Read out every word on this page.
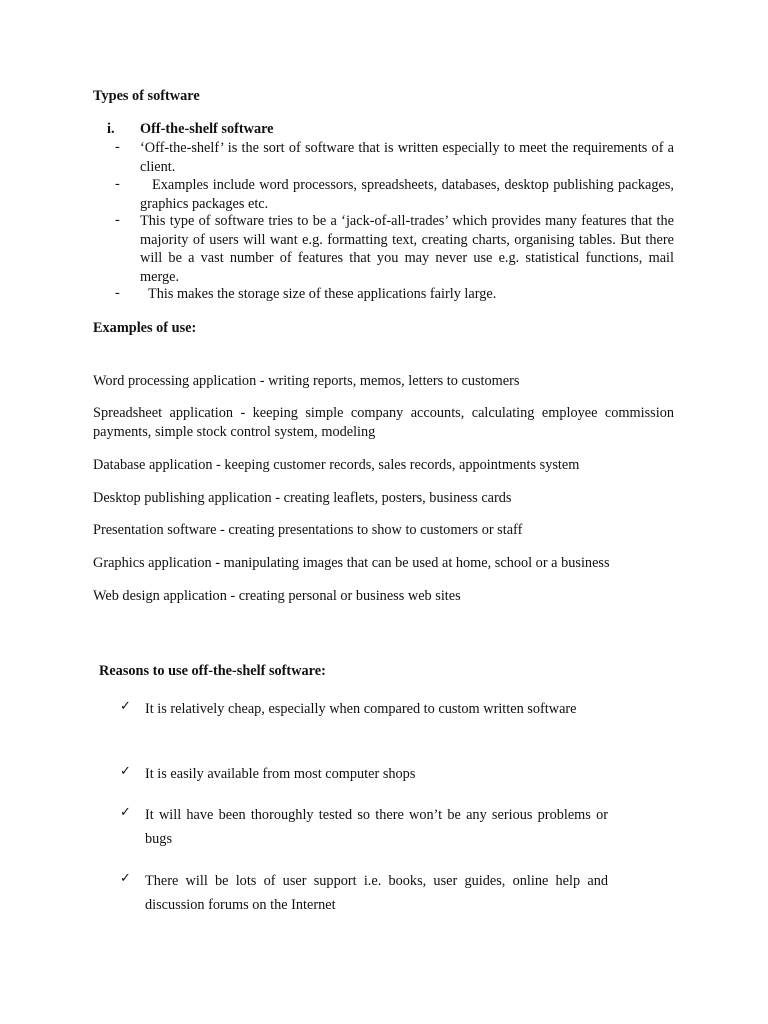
Types of software
i.	Off-the-shelf software
- ‘Off-the-shelf’ is the sort of software that is written especially to meet the requirements of a client.
-	Examples include word processors, spreadsheets, databases, desktop publishing packages, graphics packages etc.
- This type of software tries to be a ‘jack-of-all-trades’ which provides many features that the majority of users will want e.g. formatting text, creating charts, organising tables. But there will be a vast number of features that you may never use e.g. statistical functions, mail merge.
-	This makes the storage size of these applications fairly large.
Examples of use:
Word processing application - writing reports, memos, letters to customers
Spreadsheet application - keeping simple company accounts, calculating employee commission payments, simple stock control system, modeling
Database application - keeping customer records, sales records, appointments system
Desktop publishing application - creating leaflets, posters, business cards
Presentation software - creating presentations to show to customers or staff
Graphics application - manipulating images that can be used at home, school or a business
Web design application - creating personal or business web sites
Reasons to use off-the-shelf software:
✓ It is relatively cheap, especially when compared to custom written software
✓ It is easily available from most computer shops
✓ It will have been thoroughly tested so there won’t be any serious problems or bugs
✓ There will be lots of user support i.e. books, user guides, online help and discussion forums on the Internet
